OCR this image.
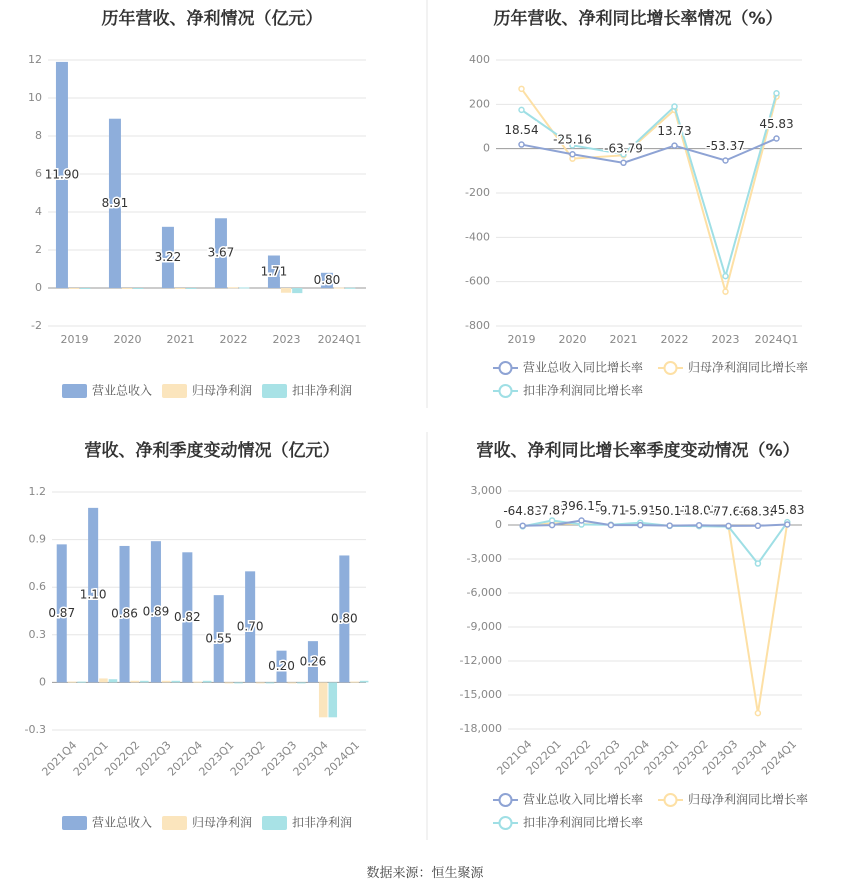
历年营收、净利情况（亿元）
-2
0
2
4
6
8
10
12
2019 2020 2021 2022 2023 2024Q1
11.90
8.91
3.22 3.67
1.71
0.80
营业总收入	归母净利润	扣非净利润
历年营收、净利同比增长率情况（%）
-800
-600
-400
-200
0
200
400
2019 2020 2021 2022 2023 2024Q1
18.54
-25.16
-63.79
13.73
-53.37
45.83
营业总收入同比增长率	归母净利润同比增长率
扣非净利润同比增长率
营收、净利季度变动情况（亿元）
-0.3
0
0.3
0.6
0.9
1.2
2021Q4
2022Q1
2022Q2
2022Q3
2022Q4
2023Q1
2023Q2
2023Q3
2023Q4
2024Q1
0.87
1.10
0.86 0.89 0.82
0.55
0.70
0.20 0.26
0.80
营业总收入	归母净利润	扣非净利润
营收、净利同比增长率季度变动情况（%）
-18,000
-15,000
-12,000
-9,000
-6,000
-3,000
0
3,000
2021Q4
2022Q1
2022Q2
2022Q3
2022Q4
2023Q1
2023Q2
2023Q3
2023Q4
2024Q1
-64.83
-7.87
396.15
-9.71
-5.91
-50.17
-18.07
-77.63
-68.32
45.83
营业总收入同比增长率	归母净利润同比增长率
扣非净利润同比增长率
数据来源：恒生聚源
